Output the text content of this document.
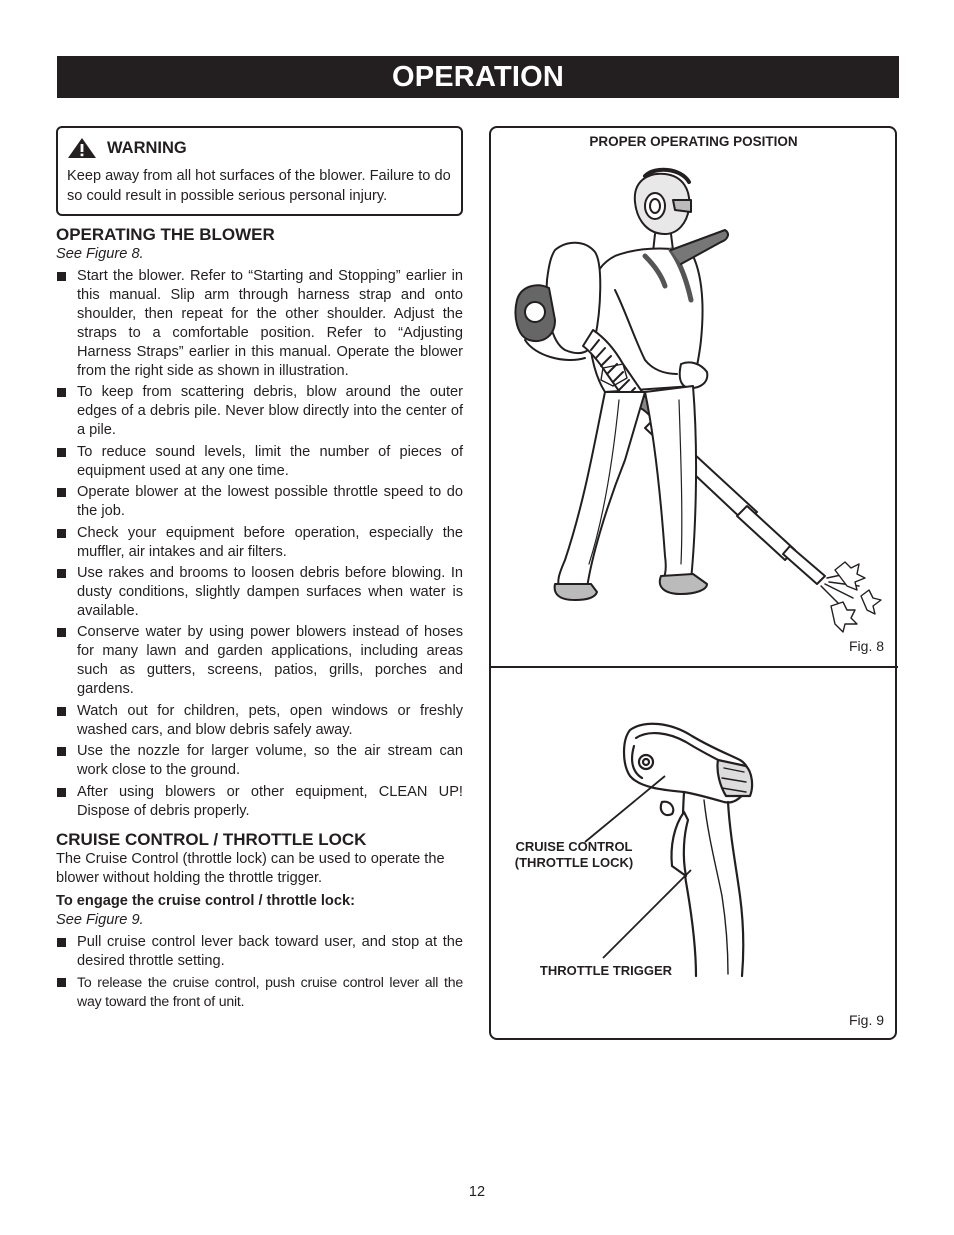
OPERATION
WARNING

Keep away from all hot surfaces of the blower. Failure to do so could result in possible serious personal injury.

OPERATING THE BLOWER

See Figure 8.

Start the blower. Refer to “Starting and Stopping” earlier in this manual. Slip arm through harness strap and onto shoulder, then repeat for the other shoulder. Adjust the straps to a comfortable position. Refer to “Adjusting Harness Straps” earlier in this manual. Operate the blower from the right side as shown in illustration.
To keep from scattering debris, blow around the outer edges of a debris pile. Never blow directly into the center of a pile.
To reduce sound levels, limit the number of pieces of equipment used at any one time.
Operate blower at the lowest possible throttle speed to do the job.
Check your equipment before operation, especially the muffler, air intakes and air filters.
Use rakes and brooms to loosen debris before blowing. In dusty conditions, slightly dampen surfaces when water is available.
Conserve water by using power blowers instead of hoses for many lawn and garden applications, including areas such as gutters, screens, patios, grills, porches and gardens.
Watch out for children, pets, open windows or freshly washed cars, and blow debris safely away.
Use the nozzle for larger volume, so the air stream can work close to the ground.
After using blowers or other equipment, CLEAN UP! Dispose of debris properly.
CRUISE CONTROL / THROTTLE LOCK

The Cruise Control (throttle lock) can be used to operate the blower without holding the throttle trigger.

To engage the cruise control / throttle lock:

See Figure 9.

Pull cruise control lever back toward user, and stop at the desired throttle setting.
To release the cruise control, push cruise control lever all the way toward the front of unit.
PROPER OPERATING POSITION
Fig. 8
CRUISE CONTROL
(THROTTLE LOCK)
THROTTLE TRIGGER
Fig. 9
12
